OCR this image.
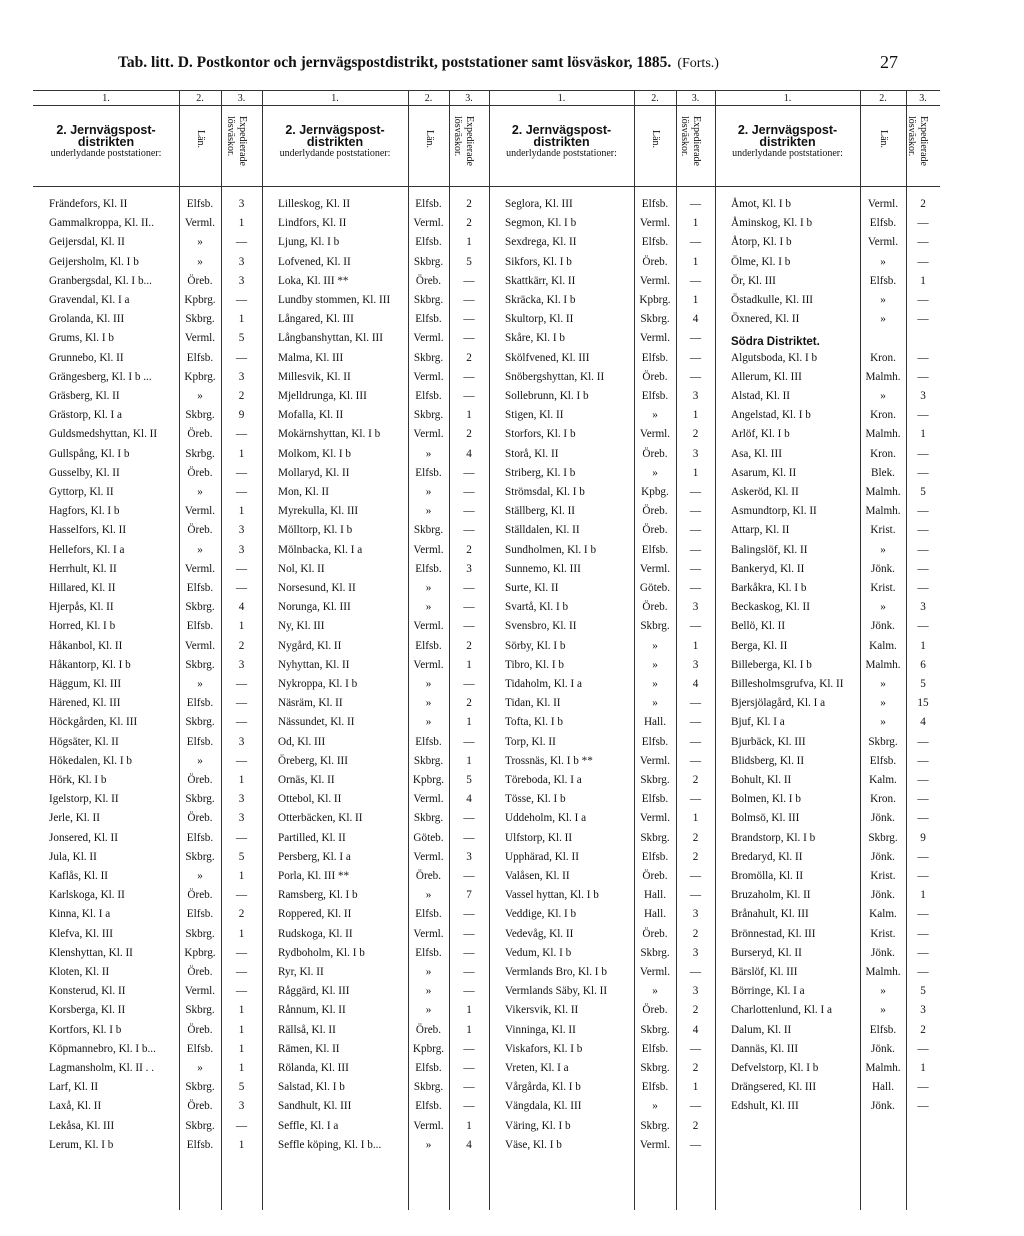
Tab. litt. D. Postkontor och jernvägspostdistrikt, poststationer samt lösväskor, 1885. (Forts.)	27
1.	2.	3.
2. Jernvägspost-
distrikten
underlydande poststationer:
Län.	Expedierade
lösväskor.
Frändefors, Kl. II	Elfsb.	3
Gammalkroppa, Kl. II..	Verml.	1
Geijersdal, Kl. II	»	—
Geijersholm, Kl. I b	»	3
Granbergsdal, Kl. I b...	Öreb.	3
Gravendal, Kl. I a	Kpbrg.	—
Grolanda, Kl. III	Skbrg.	1
Grums, Kl. I b	Verml.	5
Grunnebo, Kl. II	Elfsb.	—
Grängesberg, Kl. I b ...	Kpbrg.	3
Gräsberg, Kl. II	»	2
Grästorp, Kl. I a	Skbrg.	9
Guldsmedshyttan, Kl. II	Öreb.	—
Gullspång, Kl. I b	Skrbg.	1
Gusselby, Kl. II	Öreb.	—
Gyttorp, Kl. II	»	—
Hagfors, Kl. I b	Verml.	1
Hasselfors, Kl. II	Öreb.	3
Hellefors, Kl. I a	»	3
Herrhult, Kl. II	Verml.	—
Hillared, Kl. II	Elfsb.	—
Hjerpås, Kl. II	Skbrg.	4
Horred, Kl. I b	Elfsb.	1
Håkanbol, Kl. II	Verml.	2
Håkantorp, Kl. I b	Skbrg.	3
Häggum, Kl. III	»	—
Härened, Kl. III	Elfsb.	—
Höckgården, Kl. III	Skbrg.	—
Högsäter, Kl. II	Elfsb.	3
Hökedalen, Kl. I b	»	—
Hörk, Kl. I b	Öreb.	1
Igelstorp, Kl. II	Skbrg.	3
Jerle, Kl. II	Öreb.	3
Jonsered, Kl. II	Elfsb.	—
Jula, Kl. II	Skbrg.	5
Kaflås, Kl. II	»	1
Karlskoga, Kl. II	Öreb.	—
Kinna, Kl. I a	Elfsb.	2
Klefva, Kl. III	Skbrg.	1
Klenshyttan, Kl. II	Kpbrg.	—
Kloten, Kl. II	Öreb.	—
Konsterud, Kl. II	Verml.	—
Korsberga, Kl. II	Skbrg.	1
Kortfors, Kl. I b	Öreb.	1
Köpmannebro, Kl. I b...	Elfsb.	1
Lagmansholm, Kl. II . .	»	1
Larf, Kl. II	Skbrg.	5
Laxå, Kl. II	Öreb.	3
Lekåsa, Kl. III	Skbrg.	—
Lerum, Kl. I b	Elfsb.	1
1.	2.	3.
2. Jernvägspost-
distrikten
underlydande poststationer:
Län.	Expedierade
lösväskor.
Lilleskog, Kl. II	Elfsb.	2
Lindfors, Kl. II	Verml.	2
Ljung, Kl. I b	Elfsb.	1
Lofvened, Kl. II	Skbrg.	5
Loka, Kl. III **	Öreb.	—
Lundby stommen, Kl. III	Skbrg.	—
Långared, Kl. III	Elfsb.	—
Långbanshyttan, Kl. III	Verml.	—
Malma, Kl. III	Skbrg.	2
Millesvik, Kl. II	Verml.	—
Mjelldrunga, Kl. III	Elfsb.	—
Mofalla, Kl. II	Skbrg.	1
Mokärnshyttan, Kl. I b	Verml.	2
Molkom, Kl. I b	»	4
Mollaryd, Kl. II	Elfsb.	—
Mon, Kl. II	»	—
Myrekulla, Kl. III	»	—
Mölltorp, Kl. I b	Skbrg.	—
Mölnbacka, Kl. I a	Verml.	2
Nol, Kl. II	Elfsb.	3
Norsesund, Kl. II	»	—
Norunga, Kl. III	»	—
Ny, Kl. III	Verml.	—
Nygård, Kl. II	Elfsb.	2
Nyhyttan, Kl. II	Verml.	1
Nykroppa, Kl. I b	»	—
Näsräm, Kl. II	»	2
Nässundet, Kl. II	»	1
Od, Kl. III	Elfsb.	—
Öreberg, Kl. III	Skbrg.	1
Ornäs, Kl. II	Kpbrg.	5
Ottebol, Kl. II	Verml.	4
Otterbäcken, Kl. II	Skbrg.	—
Partilled, Kl. II	Göteb.	—
Persberg, Kl. I a	Verml.	3
Porla, Kl. III **	Öreb.	—
Ramsberg, Kl. I b	»	7
Roppered, Kl. II	Elfsb.	—
Rudskoga, Kl. II	Verml.	—
Rydboholm, Kl. I b	Elfsb.	—
Ryr, Kl. II	»	—
Råggärd, Kl. III	»	—
Rånnum, Kl. II	»	1
Rällså, Kl. II	Öreb.	1
Rämen, Kl. II	Kpbrg.	—
Rölanda, Kl. III	Elfsb.	—
Salstad, Kl. I b	Skbrg.	—
Sandhult, Kl. III	Elfsb.	—
Seffle, Kl. I a	Verml.	1
Seffle köping, Kl. I b...	»	4
1.	2.	3.
2. Jernvägspost-
distrikten
underlydande poststationer:
Län.	Expedierade
lösväskor.
Seglora, Kl. III	Elfsb.	—
Segmon, Kl. I b	Verml.	1
Sexdrega, Kl. II	Elfsb.	—
Sikfors, Kl. I b	Öreb.	1
Skattkärr, Kl. II	Verml.	—
Skräcka, Kl. I b	Kpbrg.	1
Skultorp, Kl. II	Skbrg.	4
Skåre, Kl. I b	Verml.	—
Skölfvened, Kl. III	Elfsb.	—
Snöbergshyttan, Kl. II	Öreb.	—
Sollebrunn, Kl. I b	Elfsb.	3
Stigen, Kl. II	»	1
Storfors, Kl. I b	Verml.	2
Storå, Kl. II	Öreb.	3
Striberg, Kl. I b	»	1
Strömsdal, Kl. I b	Kpbg.	—
Ställberg, Kl. II	Öreb.	—
Ställdalen, Kl. II	Öreb.	—
Sundholmen, Kl. I b	Elfsb.	—
Sunnemo, Kl. III	Verml.	—
Surte, Kl. II	Göteb.	—
Svartå, Kl. I b	Öreb.	3
Svensbro, Kl. II	Skbrg.	—
Sörby, Kl. I b	»	1
Tibro, Kl. I b	»	3
Tidaholm, Kl. I a	»	4
Tidan, Kl. II	»	—
Tofta, Kl. I b	Hall.	—
Torp, Kl. II	Elfsb.	—
Trossnäs, Kl. I b **	Verml.	—
Töreboda, Kl. I a	Skbrg.	2
Tösse, Kl. I b	Elfsb.	—
Uddeholm, Kl. I a	Verml.	1
Ulfstorp, Kl. II	Skbrg.	2
Upphärad, Kl. II	Elfsb.	2
Valåsen, Kl. II	Öreb.	—
Vassel hyttan, Kl. I b	Hall.	—
Veddige, Kl. I b	Hall.	3
Vedevåg, Kl. II	Öreb.	2
Vedum, Kl. I b	Skbrg.	3
Vermlands Bro, Kl. I b	Verml.	—
Vermlands Säby, Kl. II	»	3
Vikersvik, Kl. II	Öreb.	2
Vinninga, Kl. II	Skbrg.	4
Viskafors, Kl. I b	Elfsb.	—
Vreten, Kl. I a	Skbrg.	2
Vårgårda, Kl. I b	Elfsb.	1
Vängdala, Kl. III	»	—
Väring, Kl. I b	Skbrg.	2
Väse, Kl. I b	Verml.	—
1.	2.	3.
2. Jernvägspost-
distrikten
underlydande poststationer:
Län.	Expedierade
lösväskor.
Åmot, Kl. I b	Verml.	2
Åminskog, Kl. I b	Elfsb.	—
Åtorp, Kl. I b	Verml.	—
Ölme, Kl. I b	»	—
Ör, Kl. III	Elfsb.	1
Östadkulle, Kl. III	»	—
Öxnered, Kl. II	»	—
Södra Distriktet.
Algutsboda, Kl. I b	Kron.	—
Allerum, Kl. III	Malmh.	—
Alstad, Kl. II	»	3
Angelstad, Kl. I b	Kron.	—
Arlöf, Kl. I b	Malmh.	1
Asa, Kl. III	Kron.	—
Asarum, Kl. II	Blek.	—
Askeröd, Kl. II	Malmh.	5
Asmundtorp, Kl. II	Malmh.	—
Attarp, Kl. II	Krist.	—
Balingslöf, Kl. II	»	—
Bankeryd, Kl. II	Jönk.	—
Barkåkra, Kl. I b	Krist.	—
Beckaskog, Kl. II	»	3
Bellö, Kl. II	Jönk.	—
Berga, Kl. II	Kalm.	1
Billeberga, Kl. I b	Malmh.	6
Billesholmsgrufva, Kl. II	»	5
Bjersjölagård, Kl. I a	»	15
Bjuf, Kl. I a	»	4
Bjurbäck, Kl. III	Skbrg.	—
Blidsberg, Kl. II	Elfsb.	—
Bohult, Kl. II	Kalm.	—
Bolmen, Kl. I b	Kron.	—
Bolmsö, Kl. III	Jönk.	—
Brandstorp, Kl. I b	Skbrg.	9
Bredaryd, Kl. II	Jönk.	—
Bromölla, Kl. II	Krist.	—
Bruzaholm, Kl. II	Jönk.	1
Brånahult, Kl. III	Kalm.	—
Brönnestad, Kl. III	Krist.	—
Burseryd, Kl. II	Jönk.	—
Bärslöf, Kl. III	Malmh.	—
Börringe, Kl. I a	»	5
Charlottenlund, Kl. I a	»	3
Dalum, Kl. II	Elfsb.	2
Dannäs, Kl. III	Jönk.	—
Defvelstorp, Kl. I b	Malmh.	1
Drängsered, Kl. III	Hall.	—
Edshult, Kl. III	Jönk.	—
